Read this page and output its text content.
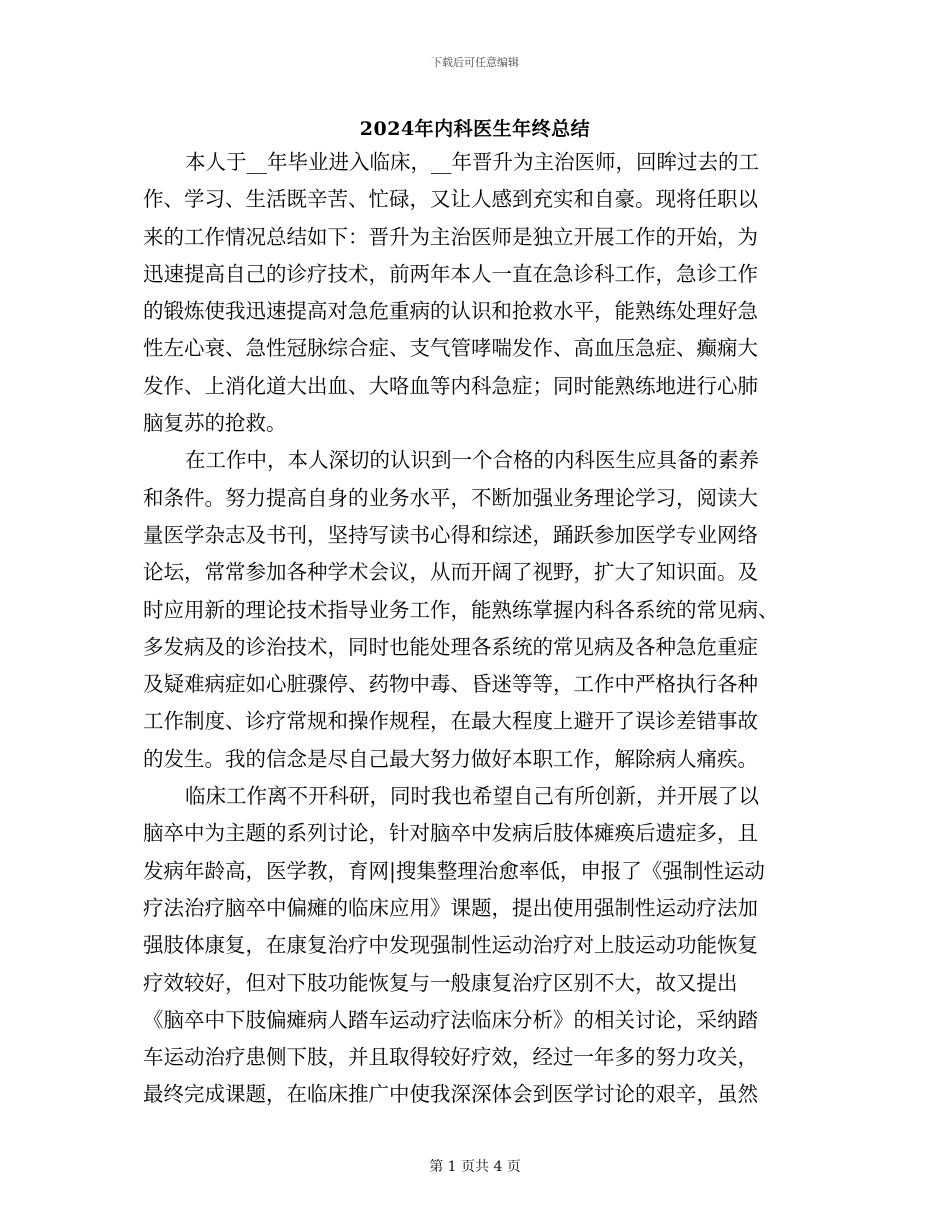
下载后可任意编辑
2024年内科医生年终总结
本人于__年毕业进入临床，__年晋升为主治医师，回眸过去的工
作、学习、生活既辛苦、忙碌，又让人感到充实和自豪。现将任职以
来的工作情况总结如下：晋升为主治医师是独立开展工作的开始，为
迅速提高自己的诊疗技术，前两年本人一直在急诊科工作，急诊工作
的锻炼使我迅速提高对急危重病的认识和抢救水平，能熟练处理好急
性左心衰、急性冠脉综合症、支气管哮喘发作、高血压急症、癫痫大
发作、上消化道大出血、大咯血等内科急症；同时能熟练地进行心肺
脑复苏的抢救。
在工作中，本人深切的认识到一个合格的内科医生应具备的素养
和条件。努力提高自身的业务水平，不断加强业务理论学习，阅读大
量医学杂志及书刊，坚持写读书心得和综述，踊跃参加医学专业网络
论坛，常常参加各种学术会议，从而开阔了视野，扩大了知识面。及
时应用新的理论技术指导业务工作，能熟练掌握内科各系统的常见病、
多发病及的诊治技术，同时也能处理各系统的常见病及各种急危重症
及疑难病症如心脏骤停、药物中毒、昏迷等等，工作中严格执行各种
工作制度、诊疗常规和操作规程，在最大程度上避开了误诊差错事故
的发生。我的信念是尽自己最大努力做好本职工作，解除病人痛疾。
临床工作离不开科研，同时我也希望自己有所创新，并开展了以
脑卒中为主题的系列讨论，针对脑卒中发病后肢体瘫痪后遗症多，且
发病年龄高，医学教，育网|搜集整理治愈率低，申报了《强制性运动
疗法治疗脑卒中偏瘫的临床应用》课题，提出使用强制性运动疗法加
强肢体康复，在康复治疗中发现强制性运动治疗对上肢运动功能恢复
疗效较好，但对下肢功能恢复与一般康复治疗区别不大，故又提出
《脑卒中下肢偏瘫病人踏车运动疗法临床分析》的相关讨论，采纳踏
车运动治疗患侧下肢，并且取得较好疗效，经过一年多的努力攻关，
最终完成课题，在临床推广中使我深深体会到医学讨论的艰辛，虽然
第 1 页共 4 页
